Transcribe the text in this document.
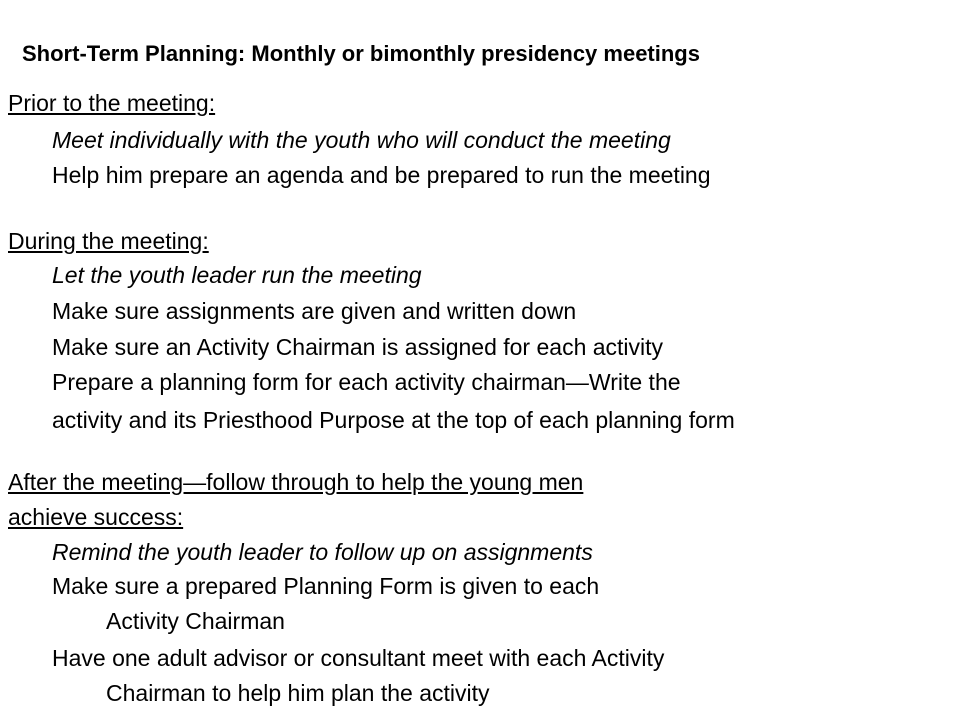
Short-Term Planning: Monthly or bimonthly presidency meetings
Prior to the meeting:
Meet individually with the youth who will conduct the meeting
Help him prepare an agenda and be prepared to run the meeting
During the meeting:
Let the youth leader run the meeting
Make sure assignments are given and written down
Make sure an Activity Chairman is assigned for each activity
Prepare a planning form for each activity chairman—Write the
activity and its Priesthood Purpose at the top of each planning form
After the meeting—follow through to help the young men
achieve success:
Remind the youth leader to follow up on assignments
Make sure a prepared Planning Form is given to each
Activity Chairman
Have one adult advisor or consultant meet with each Activity
Chairman to help him plan the activity
